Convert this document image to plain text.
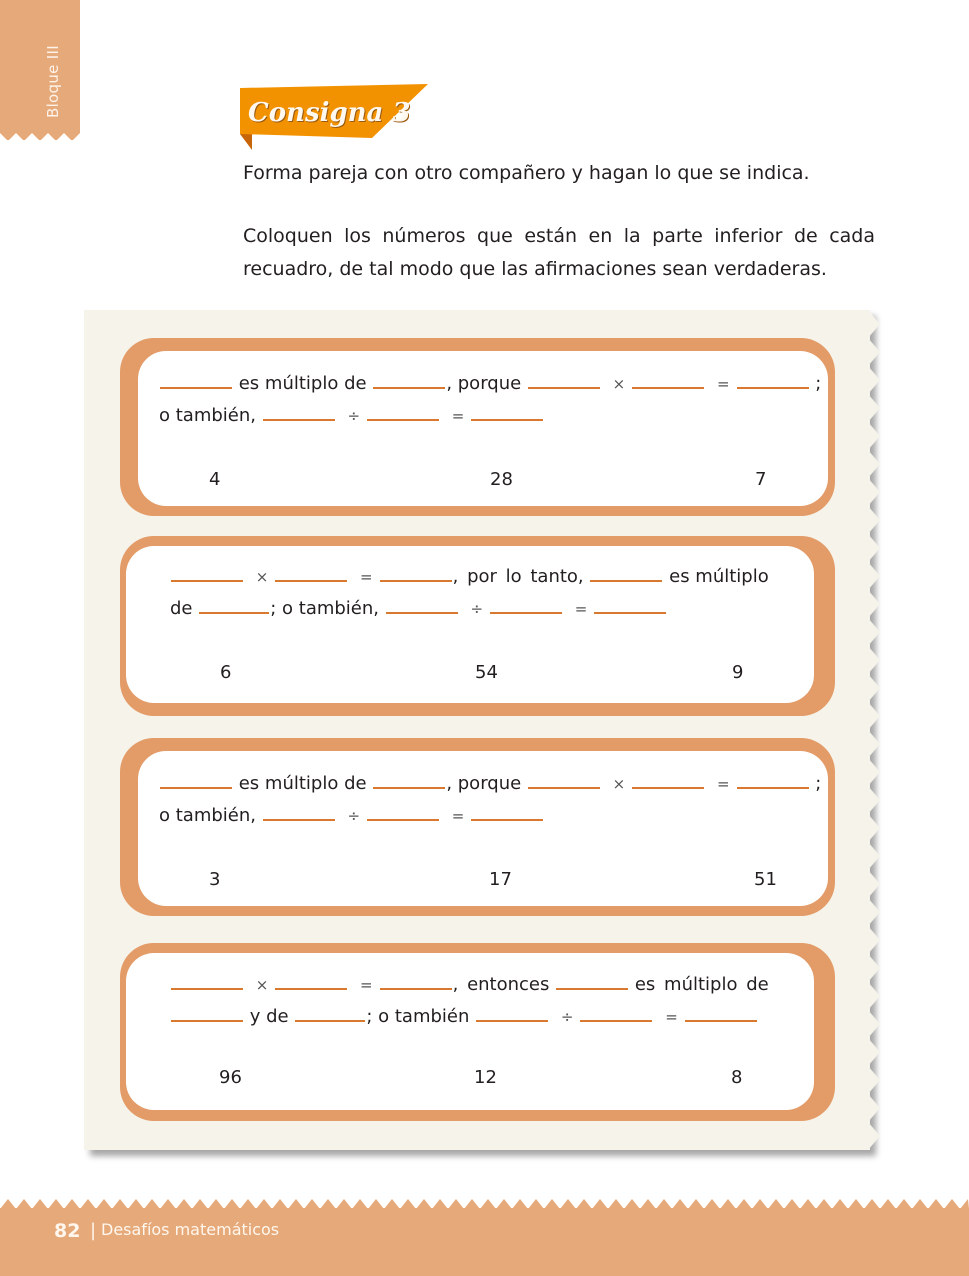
Bloque III	Consigna 3
Forma pareja con otro compañero y hagan lo que se indica.
Coloquen los números que están en la parte inferior de cada recuadro, de tal modo que las afirmaciones sean verdaderas.
es múltiplo de	, porque	×	=	;
o también,	÷	=
4	28	7
×	=	, por lo tanto,	es múltiplo
de	; o también,	÷	=
6	54	9
es múltiplo de	, porque	×	=	;
o también,	÷	=
3	17	51
×	=	, entonces	es múltiplo de
y de	; o también	÷	=
96	12	8
82 | Desafíos matemáticos
